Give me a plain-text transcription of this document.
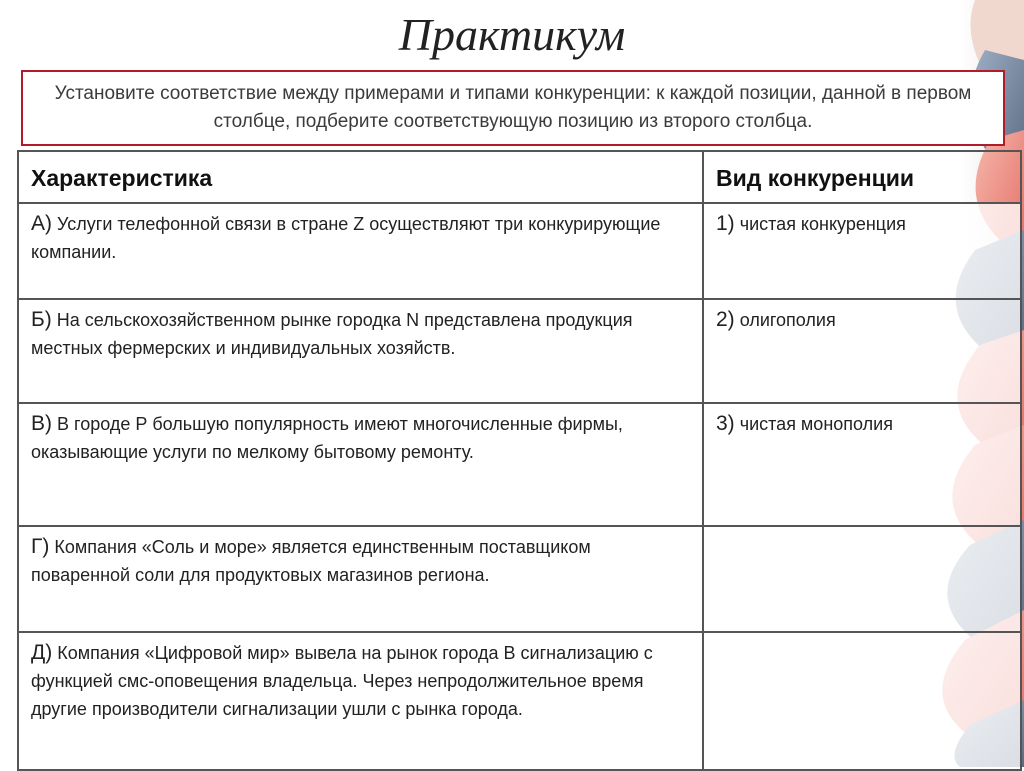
Практикум
Установите соответствие между примерами и типами конкуренции: к каждой позиции, данной в первом столбце, подберите соответствующую позицию из второго столбца.
Характеристика	Вид конкуренции
А) Услуги телефонной связи в стране Z осуществляют три конкурирующие компании.	1) чистая конкуренция
Б) На сельскохозяйственном рынке городка N представлена продукция местных фермерских и индивидуальных хозяйств.	2) олигополия
В) В городе Р большую популярность имеют многочисленные фирмы, оказывающие услуги по мелкому бытовому ремонту.	3) чистая монополия
Г) Компания «Соль и море» является единственным поставщиком поваренной соли для продуктовых магазинов региона.	
Д) Компания «Цифровой мир» вывела на рынок города В сигнализацию с функцией смс-оповещения владельца. Через непродолжительное время другие производители сигнализации ушли с рынка города.	
